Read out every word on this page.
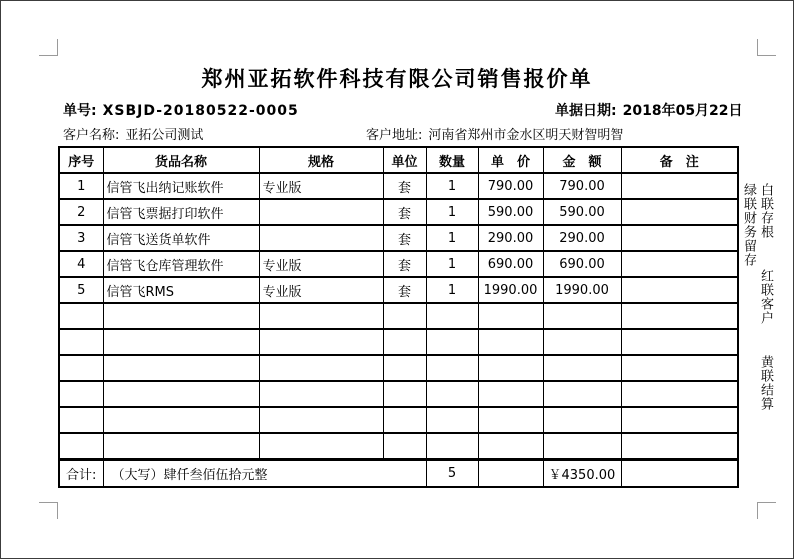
郑州亚拓软件科技有限公司销售报价单
单号: XSBJD-20180522-0005	单据日期: 2018年05月22日
客户名称: 亚拓公司测试	客户地址: 河南省郑州市金水区明天财智明智
序号	货品名称	规格	单位	数量	单　价	金　额	备　注
1	信管飞出纳记账软件	专业版	套	1	790.00	790.00	
2	信管飞票据打印软件		套	1	590.00	590.00	
3	信管飞送货单软件		套	1	290.00	290.00	
4	信管飞仓库管理软件	专业版	套	1	690.00	690.00	
5	信管飞RMS	专业版	套	1	1990.00	1990.00	

合计:	（大写）肆仟叁佰伍拾元整			5		￥4350.00	
白联存根 红联客户 黄联结算 绿联财务留存
